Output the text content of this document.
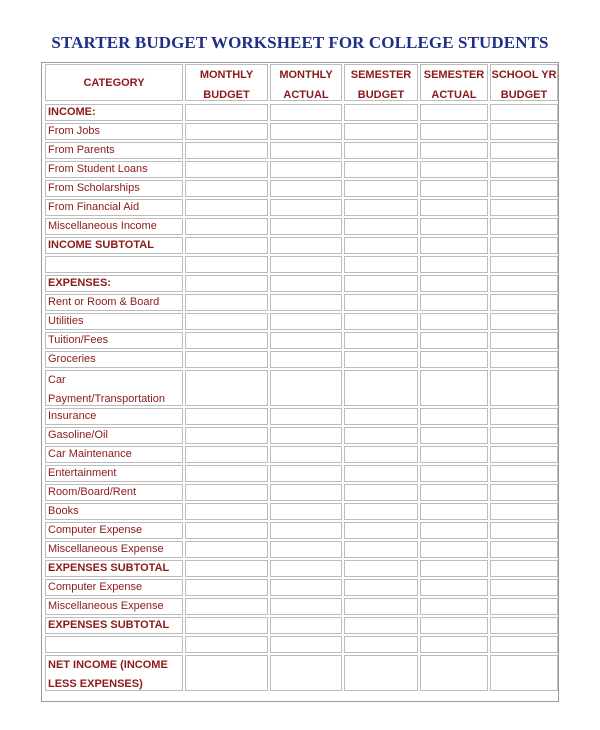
STARTER BUDGET WORKSHEET FOR COLLEGE STUDENTS
CATEGORY
MONTHLY
BUDGET
MONTHLY
ACTUAL
SEMESTER
BUDGET
SEMESTER
ACTUAL
SCHOOL YR
BUDGET
INCOME:
From Jobs
From Parents
From Student Loans
From Scholarships
From Financial Aid
Miscellaneous Income
INCOME SUBTOTAL
EXPENSES:
Rent or Room & Board
Utilities
Tuition/Fees
Groceries
Car Payment/Transportation
Insurance
Gasoline/Oil
Car Maintenance
Entertainment
Room/Board/Rent
Books
Computer Expense
Miscellaneous Expense
EXPENSES SUBTOTAL
Computer Expense
Miscellaneous Expense
EXPENSES SUBTOTAL
NET INCOME (INCOME LESS EXPENSES)
